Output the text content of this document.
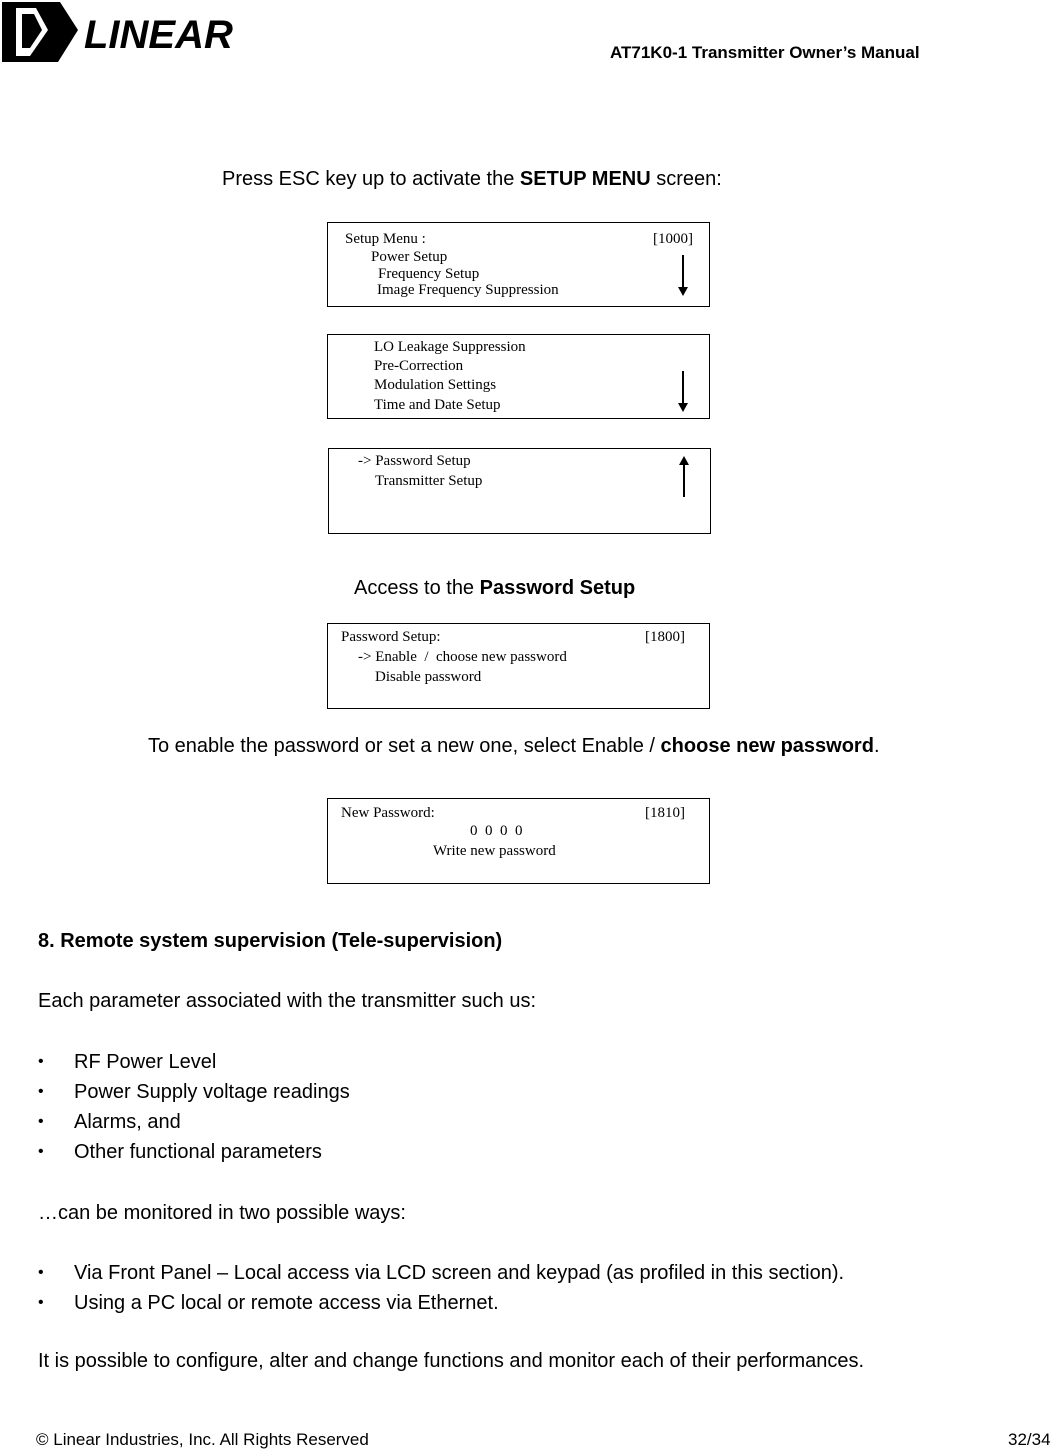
LINEAR	AT71K0-1 Transmitter Owner’s Manual
Press ESC key up to activate the SETUP MENU screen:
Setup Menu :	[1000]
Power Setup
Frequency Setup
Image Frequency Suppression
LO Leakage Suppression
Pre-Correction
Modulation Settings
Time and Date Setup
-> Password Setup
Transmitter Setup
Access to the Password Setup
Password Setup:	[1800]
-> Enable  /  choose new password
Disable password
To enable the password or set a new one, select Enable / choose new password.
New Password:	[1810]
0  0  0  0
Write new password
8. Remote system supervision (Tele-supervision)
Each parameter associated with the transmitter such us:
• RF Power Level
• Power Supply voltage readings
• Alarms, and
• Other functional parameters
…can be monitored in two possible ways:
• Via Front Panel – Local access via LCD screen and keypad (as profiled in this section).
• Using a PC local or remote access via Ethernet.
It is possible to configure, alter and change functions and monitor each of their performances.
© Linear Industries, Inc. All Rights Reserved	32/34
